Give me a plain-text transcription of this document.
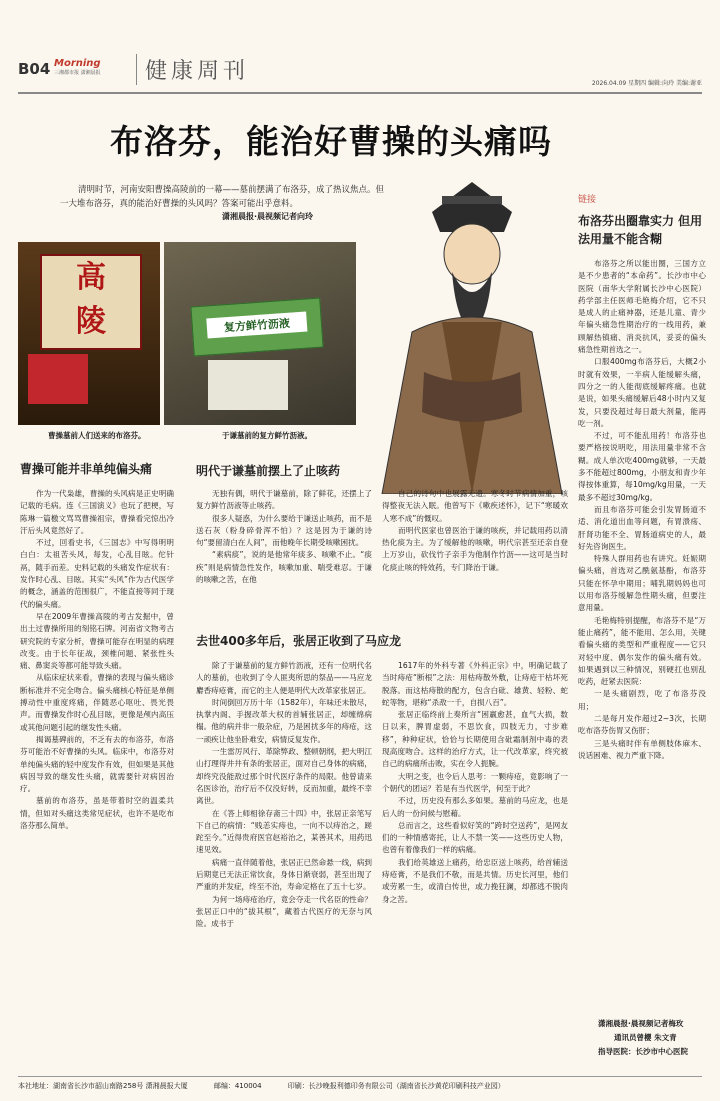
B04 Morning
三湘都市报 潇湘晨报	健康周刊	2026.04.09 星期四 编辑:向玲 美编:谢亚
布洛芬，能治好曹操的头痛吗
清明时节，河南安阳曹操高陵前的一幕——墓前摆满了布洛芬，成了热议焦点。但一大堆布洛芬，真的能治好曹操的头风吗？答案可能出乎意料。
潇湘晨报·晨视频记者向玲
高
陵
曹操墓前人们送来的布洛芬。
复方鲜竹沥液
于谦墓前的复方鲜竹沥液。
曹操可能并非单纯偏头痛

作为一代枭雄，曹操的头风病是正史明确记载的毛病。连《三国演义》也玩了把梗，写陈琳一篇檄文骂骂曹操祖宗，曹操看完惊出冷汗后头风竟然好了。

不过，回看史书，《三国志》中写得明明白白：太祖苦头风，每发，心乱目眩。佗针鬲，随手而差。史料记载的头痛发作症状有：发作时心乱、目眩。其实“头风”作为古代医学的概念，涵盖的范围很广，不能直接等同于现代的偏头痛。

早在2009年曹操高陵的考古发掘中，曾出土过曹操所用的刻铭石牌。河南省文物考古研究院的专家分析，曹操可能存在明显的病理改变。由于长年征战，颈椎问题、紧张性头痛、鼻窦炎等都可能导致头痛。

从临床症状来看，曹操的表现与偏头痛诊断标准并不完全吻合。偏头痛核心特征是单侧搏动性中重度疼痛，伴随恶心呕吐、畏光畏声。而曹操发作时心乱目眩，更像是颅内高压或其他问题引起的继发性头痛。

揭谒墓碑前的，不乏有去的布洛芬，布洛芬可能治不好曹操的头风。临床中，布洛芬对单纯偏头痛的轻中度发作有效，但如果是其他病因导致的继发性头痛，就需要针对病因治疗。

墓前的布洛芬，虽是带着时空的温柔共情，但如对头痛这类常见症状，也许不是吃布洛芬那么简单。

明代于谦墓前摆上了止咳药

无独有偶，明代于谦墓前，除了鲜花，还摆上了复方鲜竹沥液等止咳药。

很多人疑惑，为什么要给于谦送止咳药，而不是送石灰（粉身碎骨浑不怕）？这是因为于谦的诗句“要留清白在人间”，而他晚年长期受咳嗽困扰。

“素病痰”，说的是他常年痰多、咳嗽不止。“痰疾”则是病情急性发作，咳嗽加重、喘受难忍。于谦的咳嗽之苦，在他

自己的诗句中也展露无遗。寒冬时节病情加重，咳得整夜无法入眠。他曾写下《嗽疾述怀》，记下“寒暖欢人寒不成”的慨叹。

而明代医家也曾医治于谦的咳疾，并记载用药以清热化痰为主。为了缓解他的咳嗽，明代宗甚至还亲自登上万岁山，砍伐竹子亲手为他制作竹沥——这可是当时化痰止咳的特效药，专门降治于谦。

去世400多年后，张居正收到了马应龙

除了于谦墓前的复方鲜竹沥液，还有一位明代名人的墓前，也收到了令人匪夷所思的祭品——马应龙麝香痔疮膏，而它的主人便是明代大改革家张居正。

时间倒回万历十年（1582年），年味还未散尽，执掌内阁、手握改革大权的首辅张居正，却缠绵病榻。他的病并非一般杂症，乃是困扰多年的痔疮，这一顽疾让他坐卧难安，病情反复发作。

一生雷厉风行、革除弊政、整顿朝纲，把大明江山打理得井井有条的张居正，面对自己身体的病痛，却终究没能敌过那个时代医疗条件的局限。他曾请来名医诊治，治疗后不仅没好转，反而加重，最终不幸离世。

在《答上师相徐存斋三十四》中，张居正亲笔写下自己的病情：“贱恙实痔也，一向不以痔治之，蹉跎至今。”近得贵府医官赵裕治之，某善其术，用药迅速见效。

病痛一直伴随着他，张居正已然命悬一线，病到后期竟已无法正常饮食，身体日渐衰弱，甚至出现了严重的并发症，终至不治，寿命定格在了五十七岁。

为何一场痔疮治疗，竟会夺走一代名臣的性命？张居正口中的“拔其根”，藏着古代医疗的无奈与风险。成书于

1617年的外科专著《外科正宗》中，明确记载了当时痔疮“断根”之法：用枯痔散外敷，让痔疮干枯坏死脱落。而这枯痔散的配方，包含白砒、雄黄、轻粉、蛇蛇等物，堪称“杀敌一千，自损八百”。

张居正临终前上奏所言“困羸愈甚，血气大损，数日以来，脾胃虚弱，不思饮食，四肢无力，寸步难移”，种种症状，恰恰与长期使用含砒霜制剂中毒的表现高度吻合。这样的治疗方式，让一代改革家，终究被自己的病痛所击败，实在令人扼腕。

大明之变，也令后人思考：一颗痔疮，竟影响了一个朝代的团运？若是有当代医学，何至于此？

不过，历史没有那么多如果。墓前的马应龙，也是后人的一份问候与慰藉。

总而言之，这些看似好笑的“跨时空送药”，是网友们的一种情感寄托，让人不禁一笑——这些历史人物，也曾有着像我们一样的病痛。

我们给英雄送上痛药，给忠臣送上咳药，给首辅送痔疮膏，不是我们不敬，而是共情。历史长河里，他们或劳累一生，或清白传世，或力挽狂澜，却都逃不脱肉身之苦。

链接
布洛芬出圈靠实力 但用法用量不能含糊

布洛芬之所以能出圈，三国方立是不少患者的“本命药”。长沙市中心医院（南华大学附属长沙中心医院）药学部主任医师毛艳梅介绍，它不只是成人的止痛神器，还是儿童、青少年偏头痛急性期治疗的一线用药，兼顾解热镇痛、消炎抗风，妥妥的偏头痛急性期首选之一。

口服400mg布洛芬后，大概2小时就有效果，一半病人能缓解头痛，四分之一的人能彻底缓解疼痛。也就是说，如果头痛缓解后48小时内又复发，只要没超过每日最大剂量，能再吃一剂。

不过，可不能乱用药！布洛芬也要严格按说明吃，用法用量非常不含糊。成人单次吃400mg就够，一天最多不能超过800mg，小朋友和青少年得按体重算，每10mg/kg用量，一天最多不超过30mg/kg。

而且布洛芬可能会引发胃肠道不适、消化道出血等问题，有胃溃疡、肝肾功能不全、胃肠道病史的人，最好先咨询医生。

特殊人群用药也有讲究。妊娠期偏头痛，首选对乙酰氨基酚，布洛芬只能在怀孕中期用；哺乳期妈妈也可以用布洛芬缓解急性期头痛，但要注意用量。

毛艳梅特别提醒，布洛芬不是“万能止痛药”，能不能用、怎么用，关键看偏头痛的类型和严重程度——它只对轻中度、偶尔发作的偏头痛有效。如果遇到以三种情况，别硬扛也别乱吃药，赶紧去医院：

一是头痛剧烈，吃了布洛芬没用；

二是每月发作超过2~3次，长期吃布洛芬伤胃又伤肝；

三是头痛时伴有单侧肢体麻木、说话困难、视力严重下降。

潇湘晨报·晨视频记者梅玫
通讯员曾櫻 朱文青
指导医院：长沙市中心医院
本社地址：湖南省长沙市韶山南路258号 潇湘晨报大厦	邮编：410004	印刷：长沙晚报利德印务有限公司（湖南省长沙黄花印刷科技产业园）
